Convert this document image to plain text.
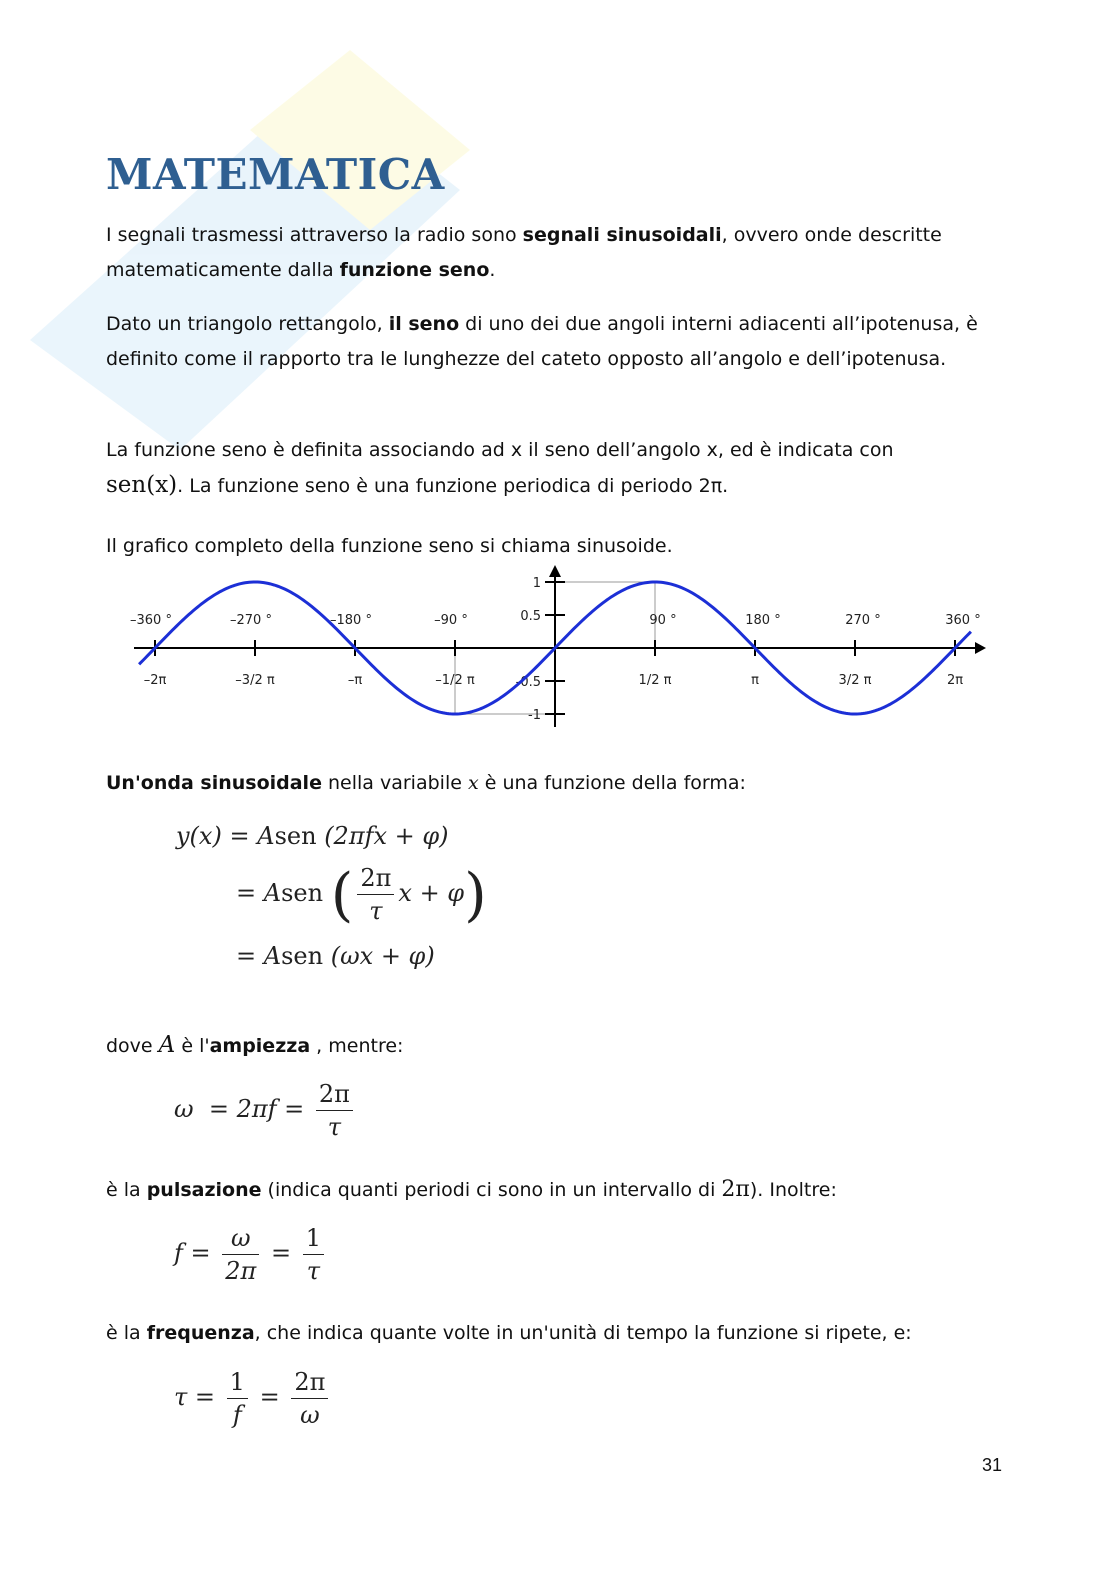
MATEMATICA

I segnali trasmessi attraverso la radio sono segnali sinusoidali, ovvero onde descritte matematicamente dalla funzione seno.

Dato un triangolo rettangolo, il seno di uno dei due angoli interni adiacenti all’ipotenusa, è definito come il rapporto tra le lunghezze del cateto opposto all’angolo e dell’ipotenusa.

La funzione seno è definita associando ad x il seno dell’angolo x, ed è indicata con
sen(x). La funzione seno è una funzione periodica di periodo 2π.

Il grafico completo della funzione seno si chiama sinusoide.

–2π	–3/2 π	–π	–1/2 π	1/2 π	π	3/2 π	2π
–360 °	–270 °	–180 °	–90 °	90 °	180 °	270 °	360 °
1
0.5
-0.5
-1

Un'onda sinusoidale nella variabile x è una funzione della forma:

y(x) = Asen (2πfx + φ)
= Asen ( $\frac{2\pi}{\tau}$ x + φ)
= Asen (ωx + φ)

dove A è l'ampiezza , mentre:

$\omega = 2\pi f = \frac{2\pi}{\tau}$

è la pulsazione (indica quanti periodi ci sono in un intervallo di 2π). Inoltre:

$f = \frac{\omega}{2\pi} = \frac{1}{\tau}$

è la frequenza, che indica quante volte in un'unità di tempo la funzione si ripete, e:

$\tau = \frac{1}{f} = \frac{2\pi}{\omega}$
31
